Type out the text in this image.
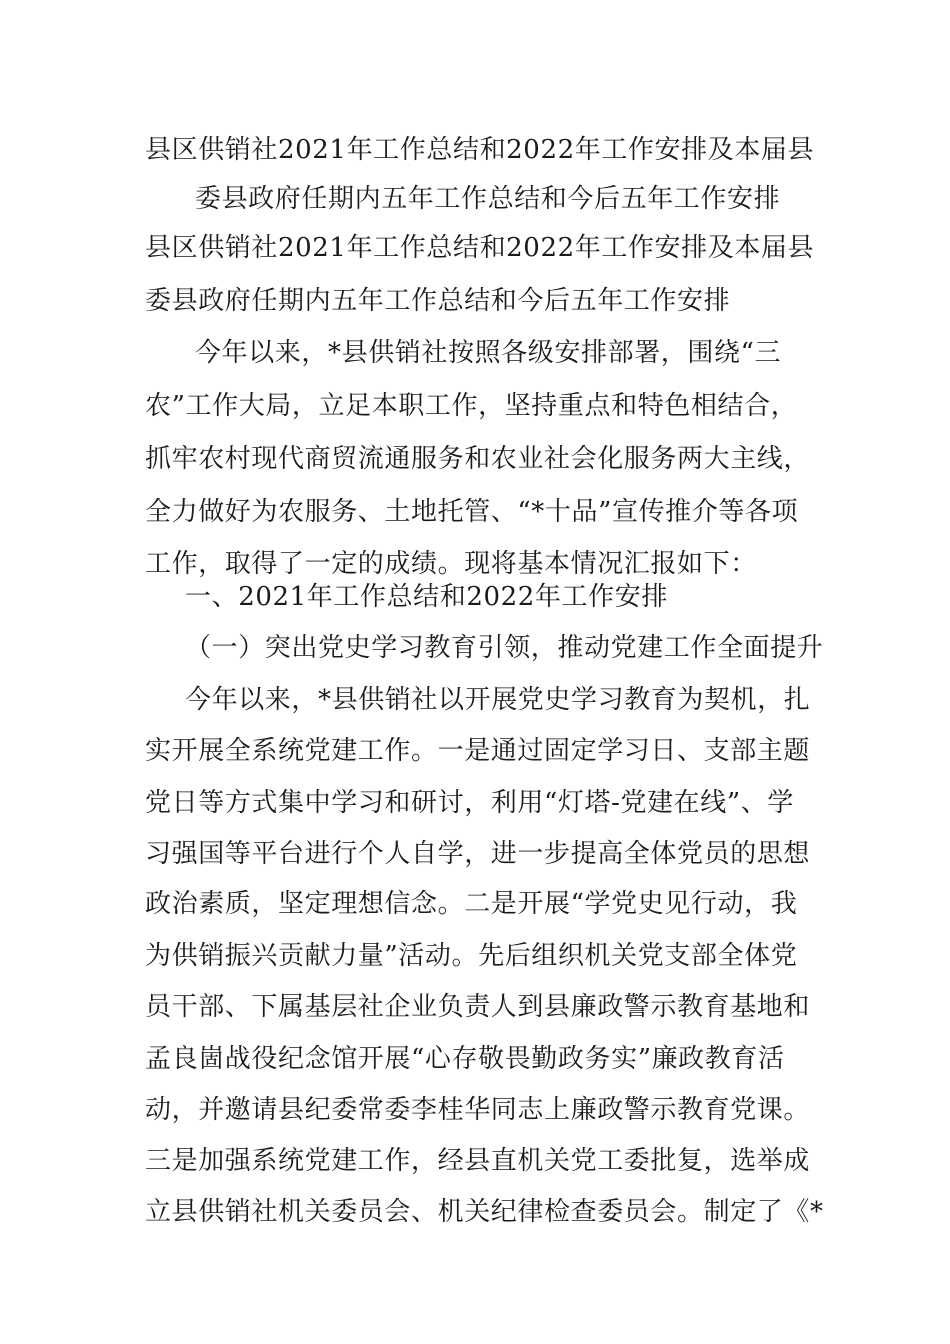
县区供销社2021年工作总结和2022年工作安排及本届县
委县政府任期内五年工作总结和今后五年工作安排
县区供销社2021年工作总结和2022年工作安排及本届县
委县政府任期内五年工作总结和今后五年工作安排
今年以来，*县供销社按照各级安排部署，围绕“三
农”工作大局，立足本职工作，坚持重点和特色相结合，
抓牢农村现代商贸流通服务和农业社会化服务两大主线，
全力做好为农服务、土地托管、“*十品”宣传推介等各项
工作，取得了一定的成绩。现将基本情况汇报如下：
一、2021年工作总结和2022年工作安排
（一）突出党史学习教育引领，推动党建工作全面提升
今年以来，*县供销社以开展党史学习教育为契机，扎
实开展全系统党建工作。一是通过固定学习日、支部主题
党日等方式集中学习和研讨，利用“灯塔-党建在线”、学
习强国等平台进行个人自学，进一步提高全体党员的思想
政治素质，坚定理想信念。二是开展“学党史见行动，我
为供销振兴贡献力量”活动。先后组织机关党支部全体党
员干部、下属基层社企业负责人到县廉政警示教育基地和
孟良崮战役纪念馆开展“心存敬畏勤政务实”廉政教育活
动，并邀请县纪委常委李桂华同志上廉政警示教育党课。
三是加强系统党建工作，经县直机关党工委批复，选举成
立县供销社机关委员会、机关纪律检查委员会。制定了《*
